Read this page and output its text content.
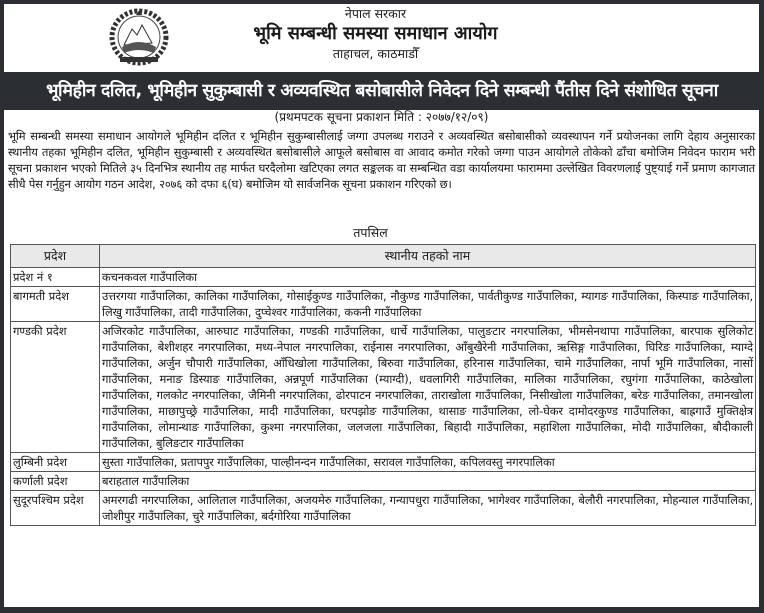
नेपाल सरकार
भूमि सम्बन्धी समस्या समाधान आयोग
ताहाचल, काठमाडौँ
भूमिहीन दलित, भूमिहीन सुकुम्बासी र अव्यवस्थित बसोबासीले निवेदन दिने सम्बन्धी पैंतीस दिने संशोधित सूचना
(प्रथमपटक सूचना प्रकाशन मिति : २०७७/१२/०९)
भूमि सम्बन्धी समस्या समाधान आयोगले भूमिहीन दलित र भूमिहीन सुकुम्बासीलाई जग्गा उपलब्ध गराउने र अव्यवस्थित बसोबासीको व्यवस्थापन गर्ने प्रयोजनका लागि देहाय अनुसारका स्थानीय तहका भूमिहीन दलित, भूमिहीन सुकुम्बासी र अव्यवस्थित बसोबासीले आफूले बसोबास वा आवाद कमोत गरेको जग्गा पाउन आयोगले तोकेको ढाँचा बमोजिम निवेदन फाराम भरी सूचना प्रकाशन भएको मितिले ३५ दिनभित्र स्थानीय तह मार्फत घरदैलोमा खटिएका लगत सङ्कलक वा सम्बन्धित वडा कार्यालयमा फाराममा उल्लेखित विवरणलाई पुष्ट्याई गर्ने प्रमाण कागजात सीधै पेस गर्नुहुन आयोग गठन आदेश, २०७६ को दफा ६(घ) बमोजिम यो सार्वजनिक सूचना प्रकाशन गरिएको छ।
तपसिल
प्रदेश	स्थानीय तहको नाम
प्रदेश नं १	कचनकवल गाउँपालिका
बागमती प्रदेश	उत्तरगया गाउँपालिका, कालिका गाउँपालिका, गोसाईकुण्ड गाउँपालिका, नौकुण्ड गाउँपालिका, पार्वतीकुण्ड गाउँपालिका, म्यागङ गाउँपालिका, किस्पाङ गाउँपालिका, लिखु गाउँपालिका, तादी गाउँपालिका, दुप्चेश्वर गाउँपालिका, ककनी गाउँपालिका
गण्डकी प्रदेश	अजिरकोट गाउँपालिका, आरुघाट गाउँपालिका, गण्डकी गाउँपालिका, धार्चे गाउँपालिका, पालुङटार नगरपालिका, भीमसेनथापा गाउँपालिका, बारपाक सुलिकोट गाउँपालिका, बेशीशहर नगरपालिका, मध्य-नेपाल नगरपालिका, राईनास नगरपालिका, आँबुखैरेनी गाउँपालिका, ऋसिङ्ग गाउँपालिका, घिरिङ गाउँपालिका, म्याग्दे गाउँपालिका, अर्जुन चौपारी गाउँपालिका, आँधिखोला गाउँपालिका, बिरुवा गाउँपालिका, हरिनास गाउँपालिका, चामे गाउँपालिका, नार्पा भूमि गाउँपालिका, नासों गाउँपालिका, मनाङ डिस्याङ गाउँपालिका, अन्नपूर्ण गाउँपालिका (म्याग्दी), धवलागिरी गाउँपालिका, मालिका गाउँपालिका, रघुगंगा गाउँपालिका, काठेखोला गाउँपालिका, गलकोट नगरपालिका, जैमिनी नगरपालिका, ढोरपाटन नगरपालिका, ताराखोला गाउँपालिका, निसीखोला गाउँपालिका, बरेङ गाउँपालिका, तमानखोला गाउँपालिका, माछापुच्छ्रे गाउँपालिका, मादी गाउँपालिका, घरपझोङ गाउँपालिका, थासाङ गाउँपालिका, लो-घेकर दामोदरकुण्ड गाउँपालिका, बाह्रगाउँ मुक्तिक्षेत्र गाउँपालिका, लोमान्थाङ गाउँपालिका, कुश्मा नगरपालिका, जलजला गाउँपालिका, बिहादी गाउँपालिका, महाशिला गाउँपालिका, मोदी गाउँपालिका, बौदीकाली गाउँपालिका, बुलिङटार गाउँपालिका
लुम्बिनी प्रदेश	सुस्ता गाउँपालिका, प्रतापपुर गाउँपालिका, पाल्हीनन्दन गाउँपालिका, सरावल गाउँपालिका, कपिलवस्तु नगरपालिका
कर्णाली प्रदेश	बराहताल गाउँपालिका
सुदूरपश्चिम प्रदेश	अमरगढी नगरपालिका, आलिताल गाउँपालिका, अजयमेरु गाउँपालिका, गन्यापधुरा गाउँपालिका, भागेश्वर गाउँपालिका, बेलौरी नगरपालिका, मोहन्याल गाउँपालिका, जोशीपुर गाउँपालिका, चुरे गाउँपालिका, बर्दगोरिया गाउँपालिका
